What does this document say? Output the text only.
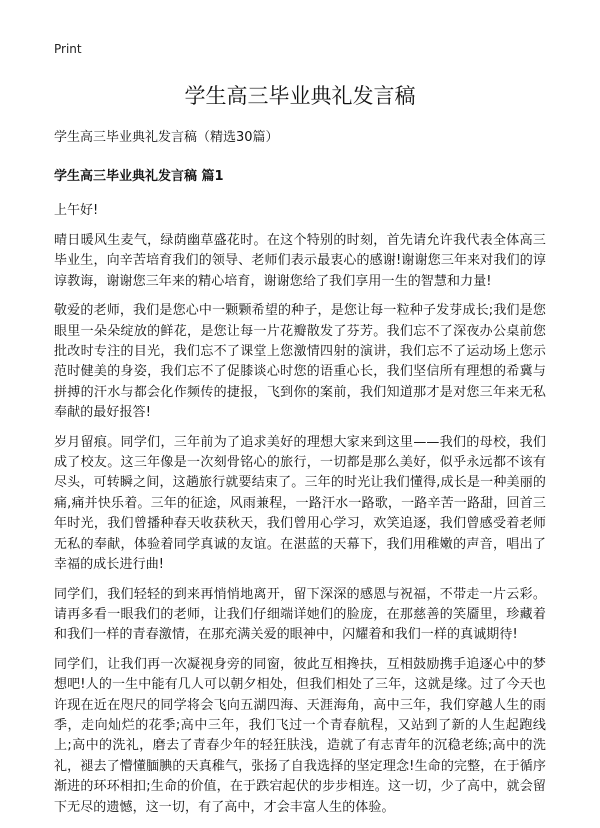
Print
学生高三毕业典礼发言稿
学生高三毕业典礼发言稿（精选30篇）
学生高三毕业典礼发言稿 篇1
上午好!

晴日暖风生麦气，绿荫幽草盛花时。在这个特别的时刻，首先请允许我代表全体高三毕业生，向辛苦培育我们的领导、老师们表示最衷心的感谢!谢谢您三年来对我们的谆谆教诲，谢谢您三年来的精心培育，谢谢您给了我们享用一生的智慧和力量!

敬爱的老师，我们是您心中一颗颗希望的种子，是您让每一粒种子发芽成长;我们是您眼里一朵朵绽放的鲜花，是您让每一片花瓣散发了芬芳。我们忘不了深夜办公桌前您批改时专注的目光，我们忘不了课堂上您激情四射的演讲，我们忘不了运动场上您示范时健美的身姿，我们忘不了促膝谈心时您的语重心长，我们坚信所有理想的希冀与拼搏的汗水与都会化作频传的捷报，飞到你的案前，我们知道那才是对您三年来无私奉献的最好报答!

岁月留痕。同学们，三年前为了追求美好的理想大家来到这里——我们的母校，我们成了校友。这三年像是一次刻骨铭心的旅行，一切都是那么美好，似乎永远都不该有尽头，可转瞬之间，这趟旅行就要结束了。三年的时光让我们懂得,成长是一种美丽的痛,痛并快乐着。三年的征途，风雨兼程，一路汗水一路歌，一路辛苦一路甜，回首三年时光，我们曾播种春天收获秋天，我们曾用心学习，欢笑追逐，我们曾感受着老师无私的奉献，体验着同学真诚的友谊。在湛蓝的天幕下，我们用稚嫩的声音，唱出了幸福的成长进行曲!

同学们，我们轻轻的到来再悄悄地离开，留下深深的感恩与祝福，不带走一片云彩。请再多看一眼我们的老师，让我们仔细端详她们的脸庞，在那慈善的笑靥里，珍藏着和我们一样的青春激情，在那充满关爱的眼神中，闪耀着和我们一样的真诚期待!

同学们，让我们再一次凝视身旁的同窗，彼此互相搀扶，互相鼓励携手追逐心中的梦想吧!人的一生中能有几人可以朝夕相处，但我们相处了三年，这就是缘。过了今天也许现在近在咫尺的同学将会飞向五湖四海、天涯海角，高中三年，我们穿越人生的雨季，走向灿烂的花季;高中三年，我们飞过一个青春航程，又站到了新的人生起跑线上;高中的洗礼，磨去了青春少年的轻狂肤浅，造就了有志青年的沉稳老练;高中的洗礼，褪去了懵懂腼腆的天真稚气，张扬了自我选择的坚定理念!生命的完整，在于循序渐进的环环相扣;生命的价值，在于跌宕起伏的步步相连。这一切，少了高中，就会留下无尽的遗憾，这一切，有了高中，才会丰富人生的体验。
